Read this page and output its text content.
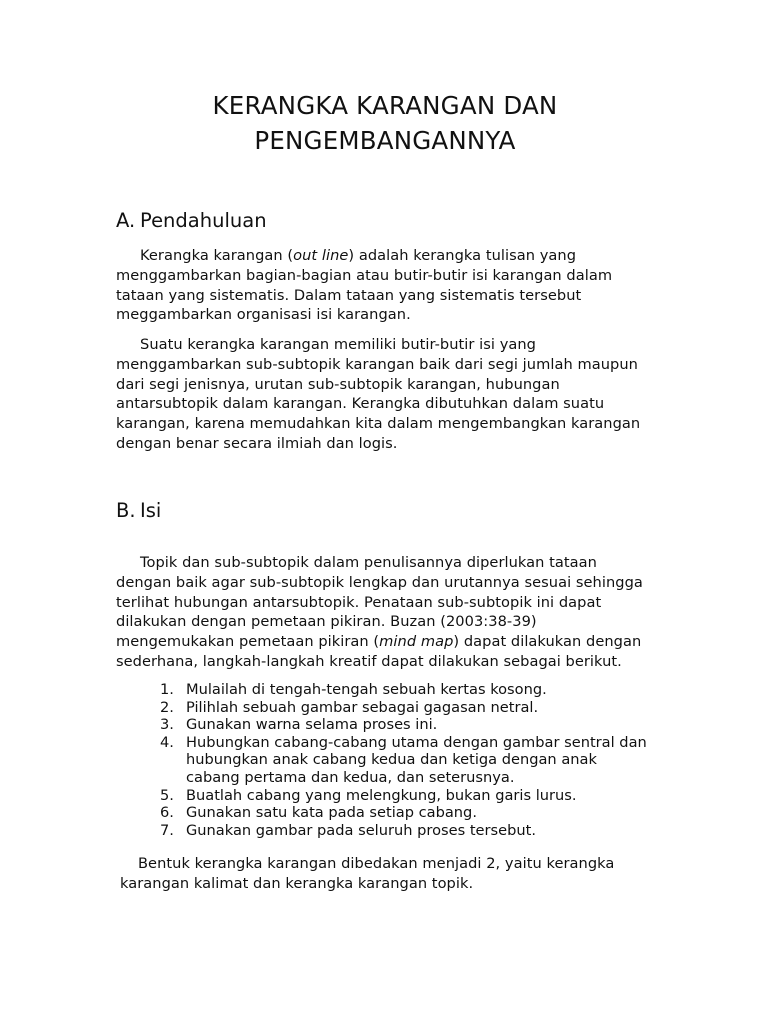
KERANGKA KARANGAN DAN
PENGEMBANGANNYA
A. Pendahuluan
Kerangka karangan (out line) adalah kerangka tulisan yang
menggambarkan bagian-bagian atau butir-butir isi karangan dalam
tataan yang sistematis. Dalam tataan yang sistematis tersebut
meggambarkan organisasi isi karangan.
Suatu kerangka karangan memiliki butir-butir isi yang
menggambarkan sub-subtopik karangan baik dari segi jumlah maupun
dari segi jenisnya, urutan sub-subtopik karangan, hubungan
antarsubtopik dalam karangan. Kerangka dibutuhkan dalam suatu
karangan, karena memudahkan kita dalam mengembangkan karangan
dengan benar secara ilmiah dan logis.
B. Isi
Topik dan sub-subtopik dalam penulisannya diperlukan tataan
dengan baik agar sub-subtopik lengkap dan urutannya sesuai sehingga
terlihat hubungan antarsubtopik. Penataan sub-subtopik ini dapat
dilakukan dengan pemetaan pikiran. Buzan (2003:38-39)
mengemukakan pemetaan pikiran (mind map) dapat dilakukan dengan
sederhana, langkah-langkah kreatif dapat dilakukan sebagai berikut.
1. Mulailah di tengah-tengah sebuah kertas kosong.
2. Pilihlah sebuah gambar sebagai gagasan netral.
3. Gunakan warna selama proses ini.
4. Hubungkan cabang-cabang utama dengan gambar sentral dan
hubungkan anak cabang kedua dan ketiga dengan anak
cabang pertama dan kedua, dan seterusnya.
5. Buatlah cabang yang melengkung, bukan garis lurus.
6. Gunakan satu kata pada setiap cabang.
7. Gunakan gambar pada seluruh proses tersebut.
Bentuk kerangka karangan dibedakan menjadi 2, yaitu kerangka
karangan kalimat dan kerangka karangan topik.
